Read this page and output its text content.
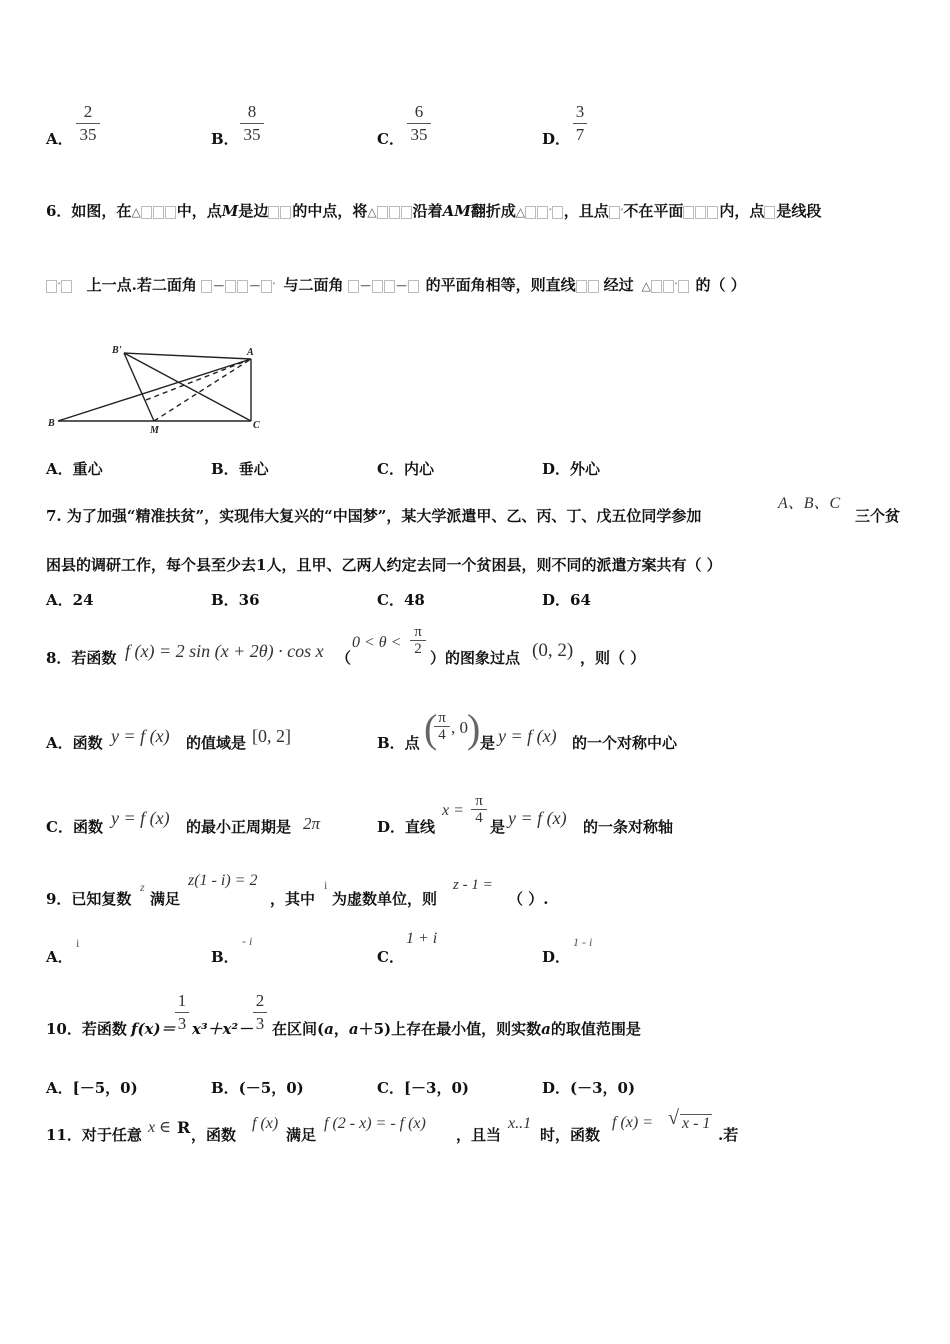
A．
2
35	B．
8
35	C．
6
35	D．
3
7
6．如图，在△ 中，点M是边 的中点，将△ 沿着AM翻折成△ ′ ，且点 ′不在平面 内，点 是线段
′ 上一点.若二面角 － － ′ 与二面角 － － 的平面角相等，则直线 经过 △ ′ 的（ ）
B'	A
B
M	C
A．重心	B．垂心	C．内心	D．外心
7. 为了加强“精准扶贫”，实现伟大复兴的“中国梦”，某大学派遣甲、乙、丙、丁、戊五位同学参加
A、B、C
三个贫
困县的调研工作，每个县至少去1人，且甲、乙两人约定去同一个贫困县，则不同的派遣方案共有（ ）
A．24	B．36	C．48	D．64
8．若函数 f (x) = 2 sin (x + 2θ) · cos x （
0 < θ <
π
2 ）的图象过点 (0, 2) ，则（ ）
A．函数 y = f (x) 的值域是 [0, 2]	B．点 ( π
4 , 0 ) 是 y = f (x) 的一个对称中心
C．函数 y = f (x) 的最小正周期是 2π	D．直线
x =
π
4 是 y = f (x) 的一条对称轴
9．已知复数
z
满足
z(1 - i) = 2
，其中
i
为虚数单位，则
z - 1 =
（ ）.
A．
i
B．
- i
C．
1 + i
D．
1 - i
10．若函数 f(x)＝
1
3 x³＋x²－
2
3 在区间(a，a＋5)上存在最小值，则实数a的取值范围是
A．[－5，0)	B．(－5，0)	C．[－3，0)	D．(－3，0)
11．对于任意 x ∈ R ，函数
f (x)
满足
f (2 - x) = - f (x)
，且当
x..1
时，函数
f (x) = √ x - 1
.若
